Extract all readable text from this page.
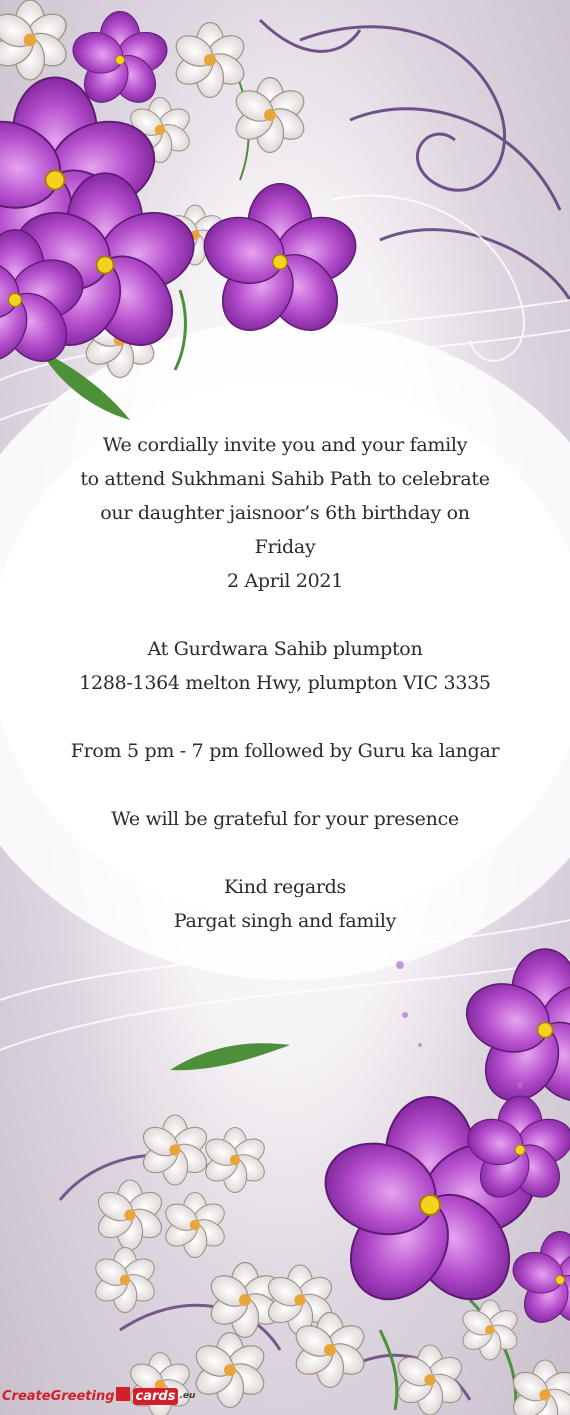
We cordially invite you and your family
to attend Sukhmani Sahib Path to celebrate
our daughter jaisnoor’s 6th birthday on
Friday
2 April 2021
At Gurdwara Sahib plumpton
1288-1364 melton Hwy, plumpton VIC 3335
From 5 pm - 7 pm followed by Guru ka langar
We will be grateful for your presence
Kind regards
Pargat singh and family
CreateGreeting cards .eu
